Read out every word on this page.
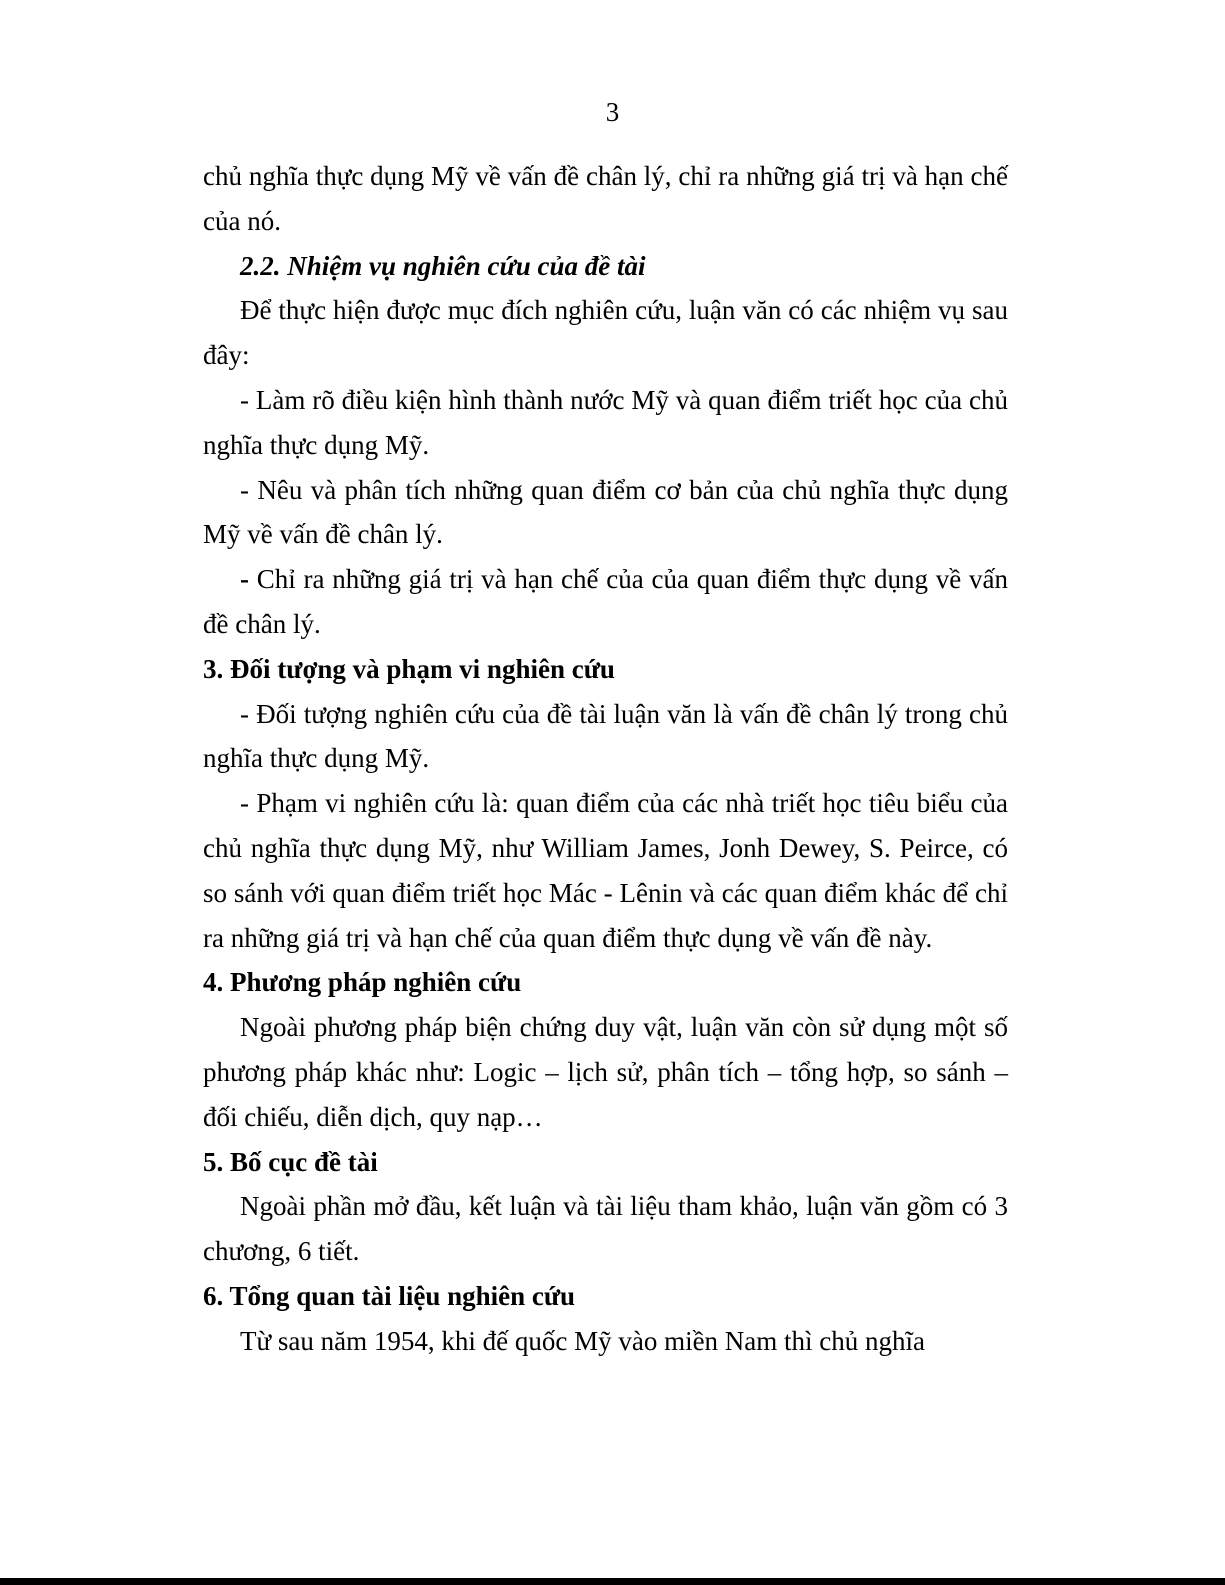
3

chủ nghĩa thực dụng Mỹ về vấn đề chân lý, chỉ ra những giá trị và hạn chế của nó.

2.2. Nhiệm vụ nghiên cứu của đề tài

Để thực hiện được mục đích nghiên cứu, luận văn có các nhiệm vụ sau đây:

- Làm rõ điều kiện hình thành nước Mỹ và quan điểm triết học của chủ nghĩa thực dụng Mỹ.

- Nêu và phân tích những quan điểm cơ bản của chủ nghĩa thực dụng Mỹ về vấn đề chân lý.

- Chỉ ra những giá trị và hạn chế của của quan điểm thực dụng về vấn đề chân lý.

3. Đối tượng và phạm vi nghiên cứu

- Đối tượng nghiên cứu của đề tài luận văn là vấn đề chân lý trong chủ nghĩa thực dụng Mỹ.

- Phạm vi nghiên cứu là: quan điểm của các nhà triết học tiêu biểu của chủ nghĩa thực dụng Mỹ, như William James, Jonh Dewey, S. Peirce, có so sánh với quan điểm triết học Mác - Lênin và các quan điểm khác để chỉ ra những giá trị và hạn chế của quan điểm thực dụng về vấn đề này.

4. Phương pháp nghiên cứu

Ngoài phương pháp biện chứng duy vật, luận văn còn sử dụng một số phương pháp khác như: Logic – lịch sử, phân tích – tổng hợp, so sánh – đối chiếu, diễn dịch, quy nạp…

5. Bố cục đề tài

Ngoài phần mở đầu, kết luận và tài liệu tham khảo, luận văn gồm có 3 chương, 6 tiết.

6. Tổng quan tài liệu nghiên cứu

Từ sau năm 1954, khi đế quốc Mỹ vào miền Nam thì chủ nghĩa
